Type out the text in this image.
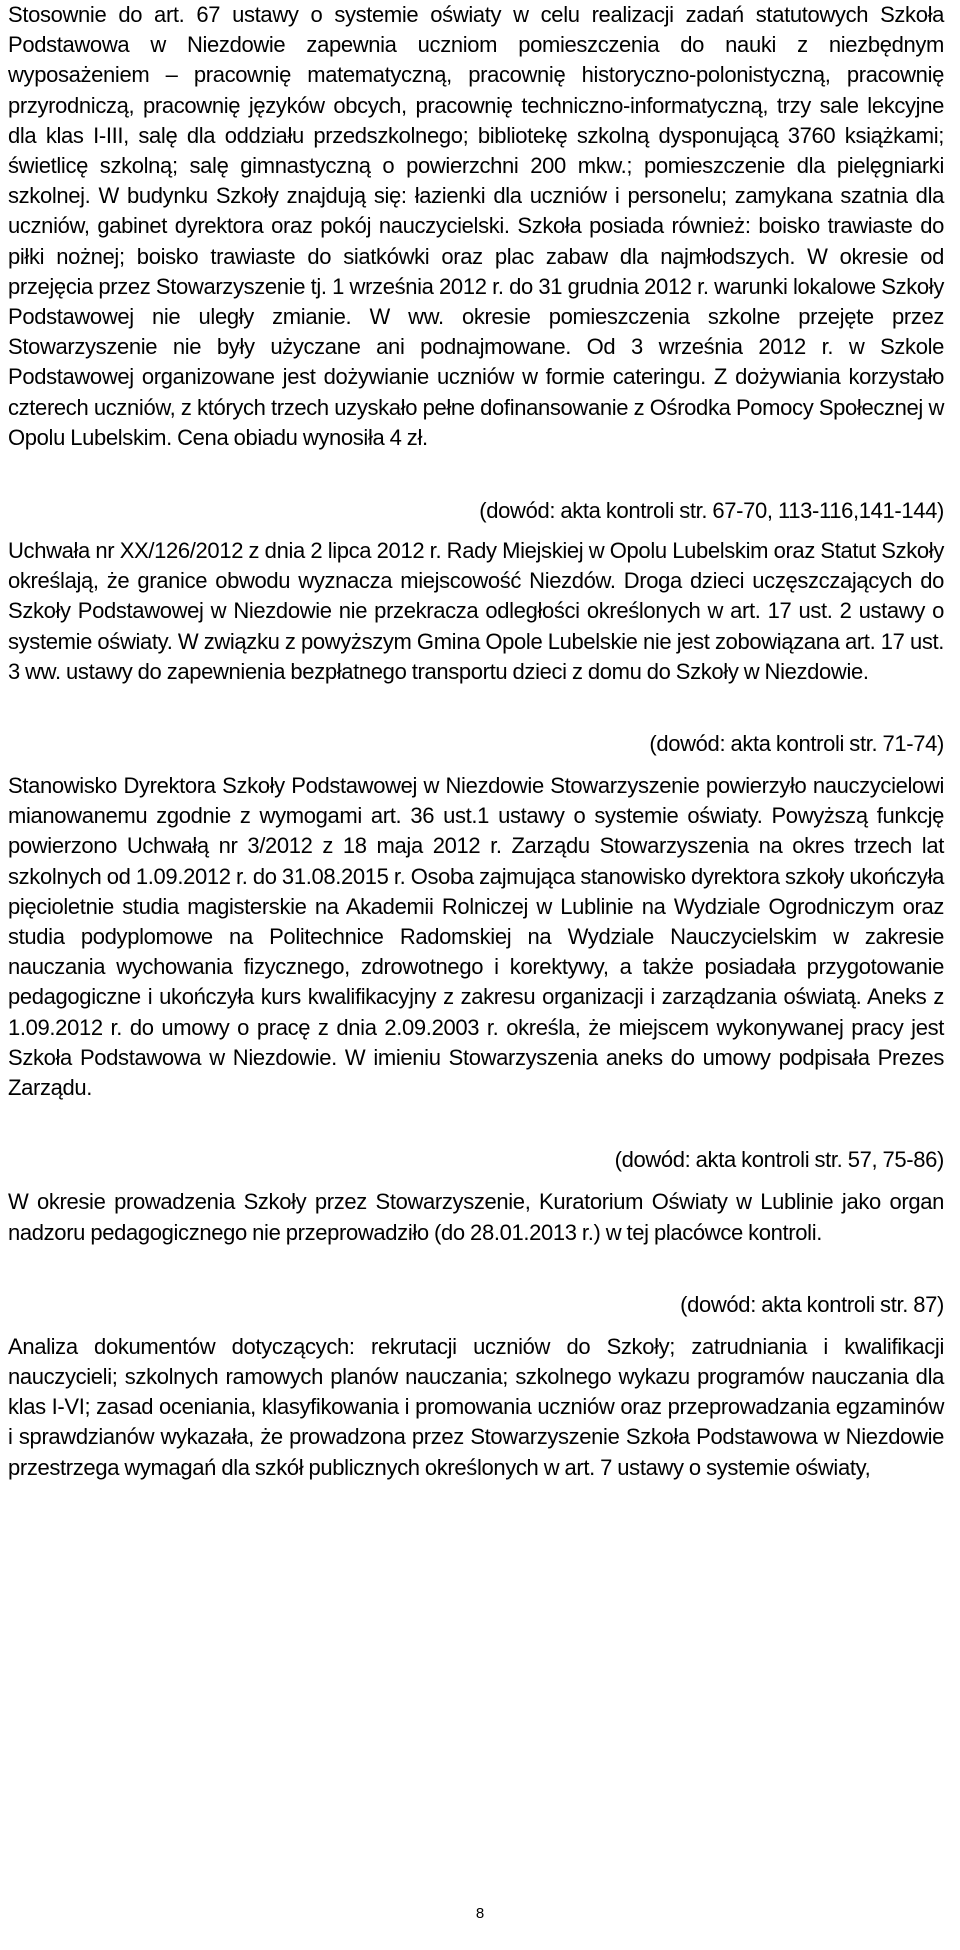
Stosownie do art. 67 ustawy o systemie oświaty w celu realizacji zadań statutowych Szkoła Podstawowa w Niezdowie zapewnia uczniom pomieszczenia do nauki z niezbędnym wyposażeniem – pracownię matematyczną, pracownię historyczno-polonistyczną, pracownię przyrodniczą, pracownię języków obcych, pracownię techniczno-informatyczną, trzy sale lekcyjne dla klas I-III, salę dla oddziału przedszkolnego; bibliotekę szkolną dysponującą 3760 książkami; świetlicę szkolną; salę gimnastyczną o powierzchni 200 mkw.; pomieszczenie dla pielęgniarki szkolnej. W budynku Szkoły znajdują się: łazienki dla uczniów i personelu; zamykana szatnia dla uczniów, gabinet dyrektora oraz pokój nauczycielski. Szkoła posiada również: boisko trawiaste do piłki nożnej; boisko trawiaste do siatkówki oraz plac zabaw dla najmłodszych. W okresie od przejęcia przez Stowarzyszenie tj. 1 września 2012 r. do 31 grudnia 2012 r. warunki lokalowe Szkoły Podstawowej nie uległy zmianie. W ww. okresie pomieszczenia szkolne przejęte przez Stowarzyszenie nie były użyczane ani podnajmowane. Od 3 września 2012 r. w Szkole Podstawowej organizowane jest dożywianie uczniów w formie cateringu. Z dożywiania korzystało czterech uczniów, z których trzech uzyskało pełne dofinansowanie z Ośrodka Pomocy Społecznej w Opolu Lubelskim. Cena obiadu wynosiła 4 zł.

(dowód: akta kontroli str. 67-70, 113-116,141-144)

Uchwała nr XX/126/2012 z dnia 2 lipca 2012 r. Rady Miejskiej w Opolu Lubelskim oraz Statut Szkoły określają, że granice obwodu wyznacza miejscowość Niezdów. Droga dzieci uczęszczających do Szkoły Podstawowej w Niezdowie nie przekracza odległości określonych w art. 17 ust. 2 ustawy o systemie oświaty. W związku z powyższym Gmina Opole Lubelskie nie jest zobowiązana art. 17 ust. 3 ww. ustawy do zapewnienia bezpłatnego transportu dzieci z domu do Szkoły w Niezdowie.

(dowód: akta kontroli str. 71-74)

Stanowisko Dyrektora Szkoły Podstawowej w Niezdowie Stowarzyszenie powierzyło nauczycielowi mianowanemu zgodnie z wymogami art. 36 ust.1 ustawy o systemie oświaty. Powyższą funkcję powierzono Uchwałą nr 3/2012 z 18 maja 2012 r. Zarządu Stowarzyszenia na okres trzech lat szkolnych od 1.09.2012 r. do 31.08.2015 r. Osoba zajmująca stanowisko dyrektora szkoły ukończyła pięcioletnie studia magisterskie na Akademii Rolniczej w Lublinie na Wydziale Ogrodniczym oraz studia podyplomowe na Politechnice Radomskiej na Wydziale Nauczycielskim w zakresie nauczania wychowania fizycznego, zdrowotnego i korektywy, a także posiadała przygotowanie pedagogiczne i ukończyła kurs kwalifikacyjny z zakresu organizacji i zarządzania oświatą. Aneks z 1.09.2012 r. do umowy o pracę z dnia 2.09.2003 r. określa, że miejscem wykonywanej pracy jest Szkoła Podstawowa w Niezdowie. W imieniu Stowarzyszenia aneks do umowy podpisała Prezes Zarządu.

(dowód: akta kontroli str. 57, 75-86)

W okresie prowadzenia Szkoły przez Stowarzyszenie, Kuratorium Oświaty w Lublinie jako organ nadzoru pedagogicznego nie przeprowadziło (do 28.01.2013 r.) w tej placówce kontroli.

(dowód: akta kontroli str. 87)

Analiza dokumentów dotyczących: rekrutacji uczniów do Szkoły; zatrudniania i kwalifikacji nauczycieli; szkolnych ramowych planów nauczania; szkolnego wykazu programów nauczania dla klas I-VI; zasad oceniania, klasyfikowania i promowania uczniów oraz przeprowadzania egzaminów i sprawdzianów wykazała, że prowadzona przez Stowarzyszenie Szkoła Podstawowa w Niezdowie przestrzega wymagań dla szkół publicznych określonych w art. 7 ustawy o systemie oświaty,

8
